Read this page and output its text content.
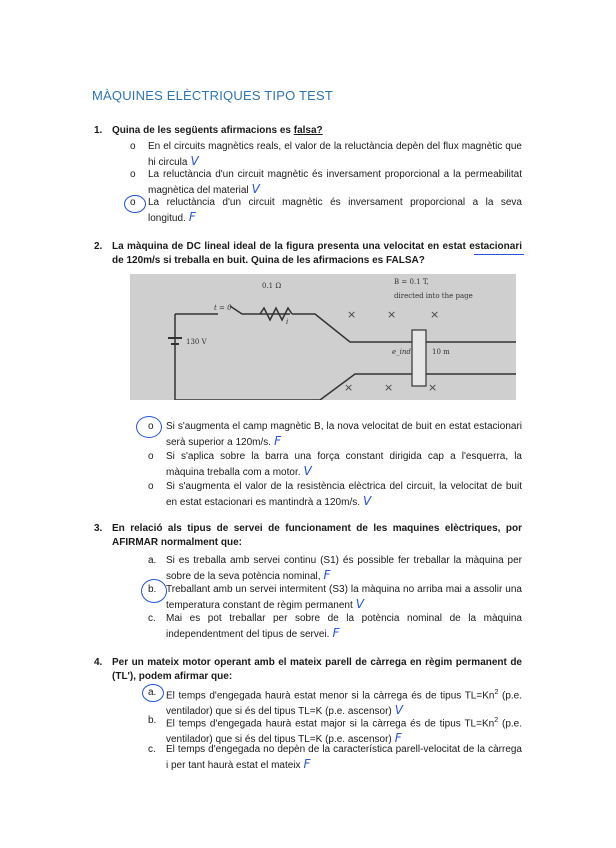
MÀQUINES ELÈCTRIQUES TIPO TEST
1. Quina de les següents afirmacions es falsa?
o En el circuits magnètics reals, el valor de la reluctància depèn del flux magnètic que hi circula V
o La reluctància d'un circuit magnètic és inversament proporcional a la permeabilitat magnètica del material V
o La reluctància d'un circuit magnètic és inversament proporcional a la seva longitud. F
2. La màquina de DC lineal ideal de la figura presenta una velocitat en estat estacionari de 120m/s si treballa en buit. Quina de les afirmacions es FALSA?
×	×	×
×	×	×
0.1 Ω
t = 0
130 V
B = 0.1 T,
directed into the page
e_ind	10 m
i
o Si s'augmenta el camp magnètic B, la nova velocitat de buit en estat estacionari serà superior a 120m/s. F
o Si s'aplica sobre la barra una força constant dirigida cap a l'esquerra, la màquina treballa com a motor. V
o Si s'augmenta el valor de la resistència elèctrica del circuit, la velocitat de buit en estat estacionari es mantindrà a 120m/s. V
3. En relació als tipus de servei de funcionament de les maquines elèctriques, por AFIRMAR normalment que:
a. Si es treballa amb servei continu (S1) és possible fer treballar la màquina per sobre de la seva potència nominal, F
b. Treballant amb un servei intermitent (S3) la màquina no arriba mai a assolir una temperatura constant de règim permanent V
c. Mai es pot treballar per sobre de la potència nominal de la màquina independentment del tipus de servei. F
4. Per un mateix motor operant amb el mateix parell de càrrega en règim permanent de (TL'), podem afirmar que:
a. El temps d'engegada haurà estat menor si la càrrega és de tipus $TL=Kn^2$ (p.e. ventilador) que si és del tipus TL=K (p.e. ascensor) V
b. El temps d'engegada haurà estat major si la càrrega és de tipus $TL=Kn^2$ (p.e. ventilador) que si és del tipus TL=K (p.e. ascensor) F
c. El temps d'engegada no depèn de la característica parell-velocitat de la càrrega i per tant haurà estat el mateix F
